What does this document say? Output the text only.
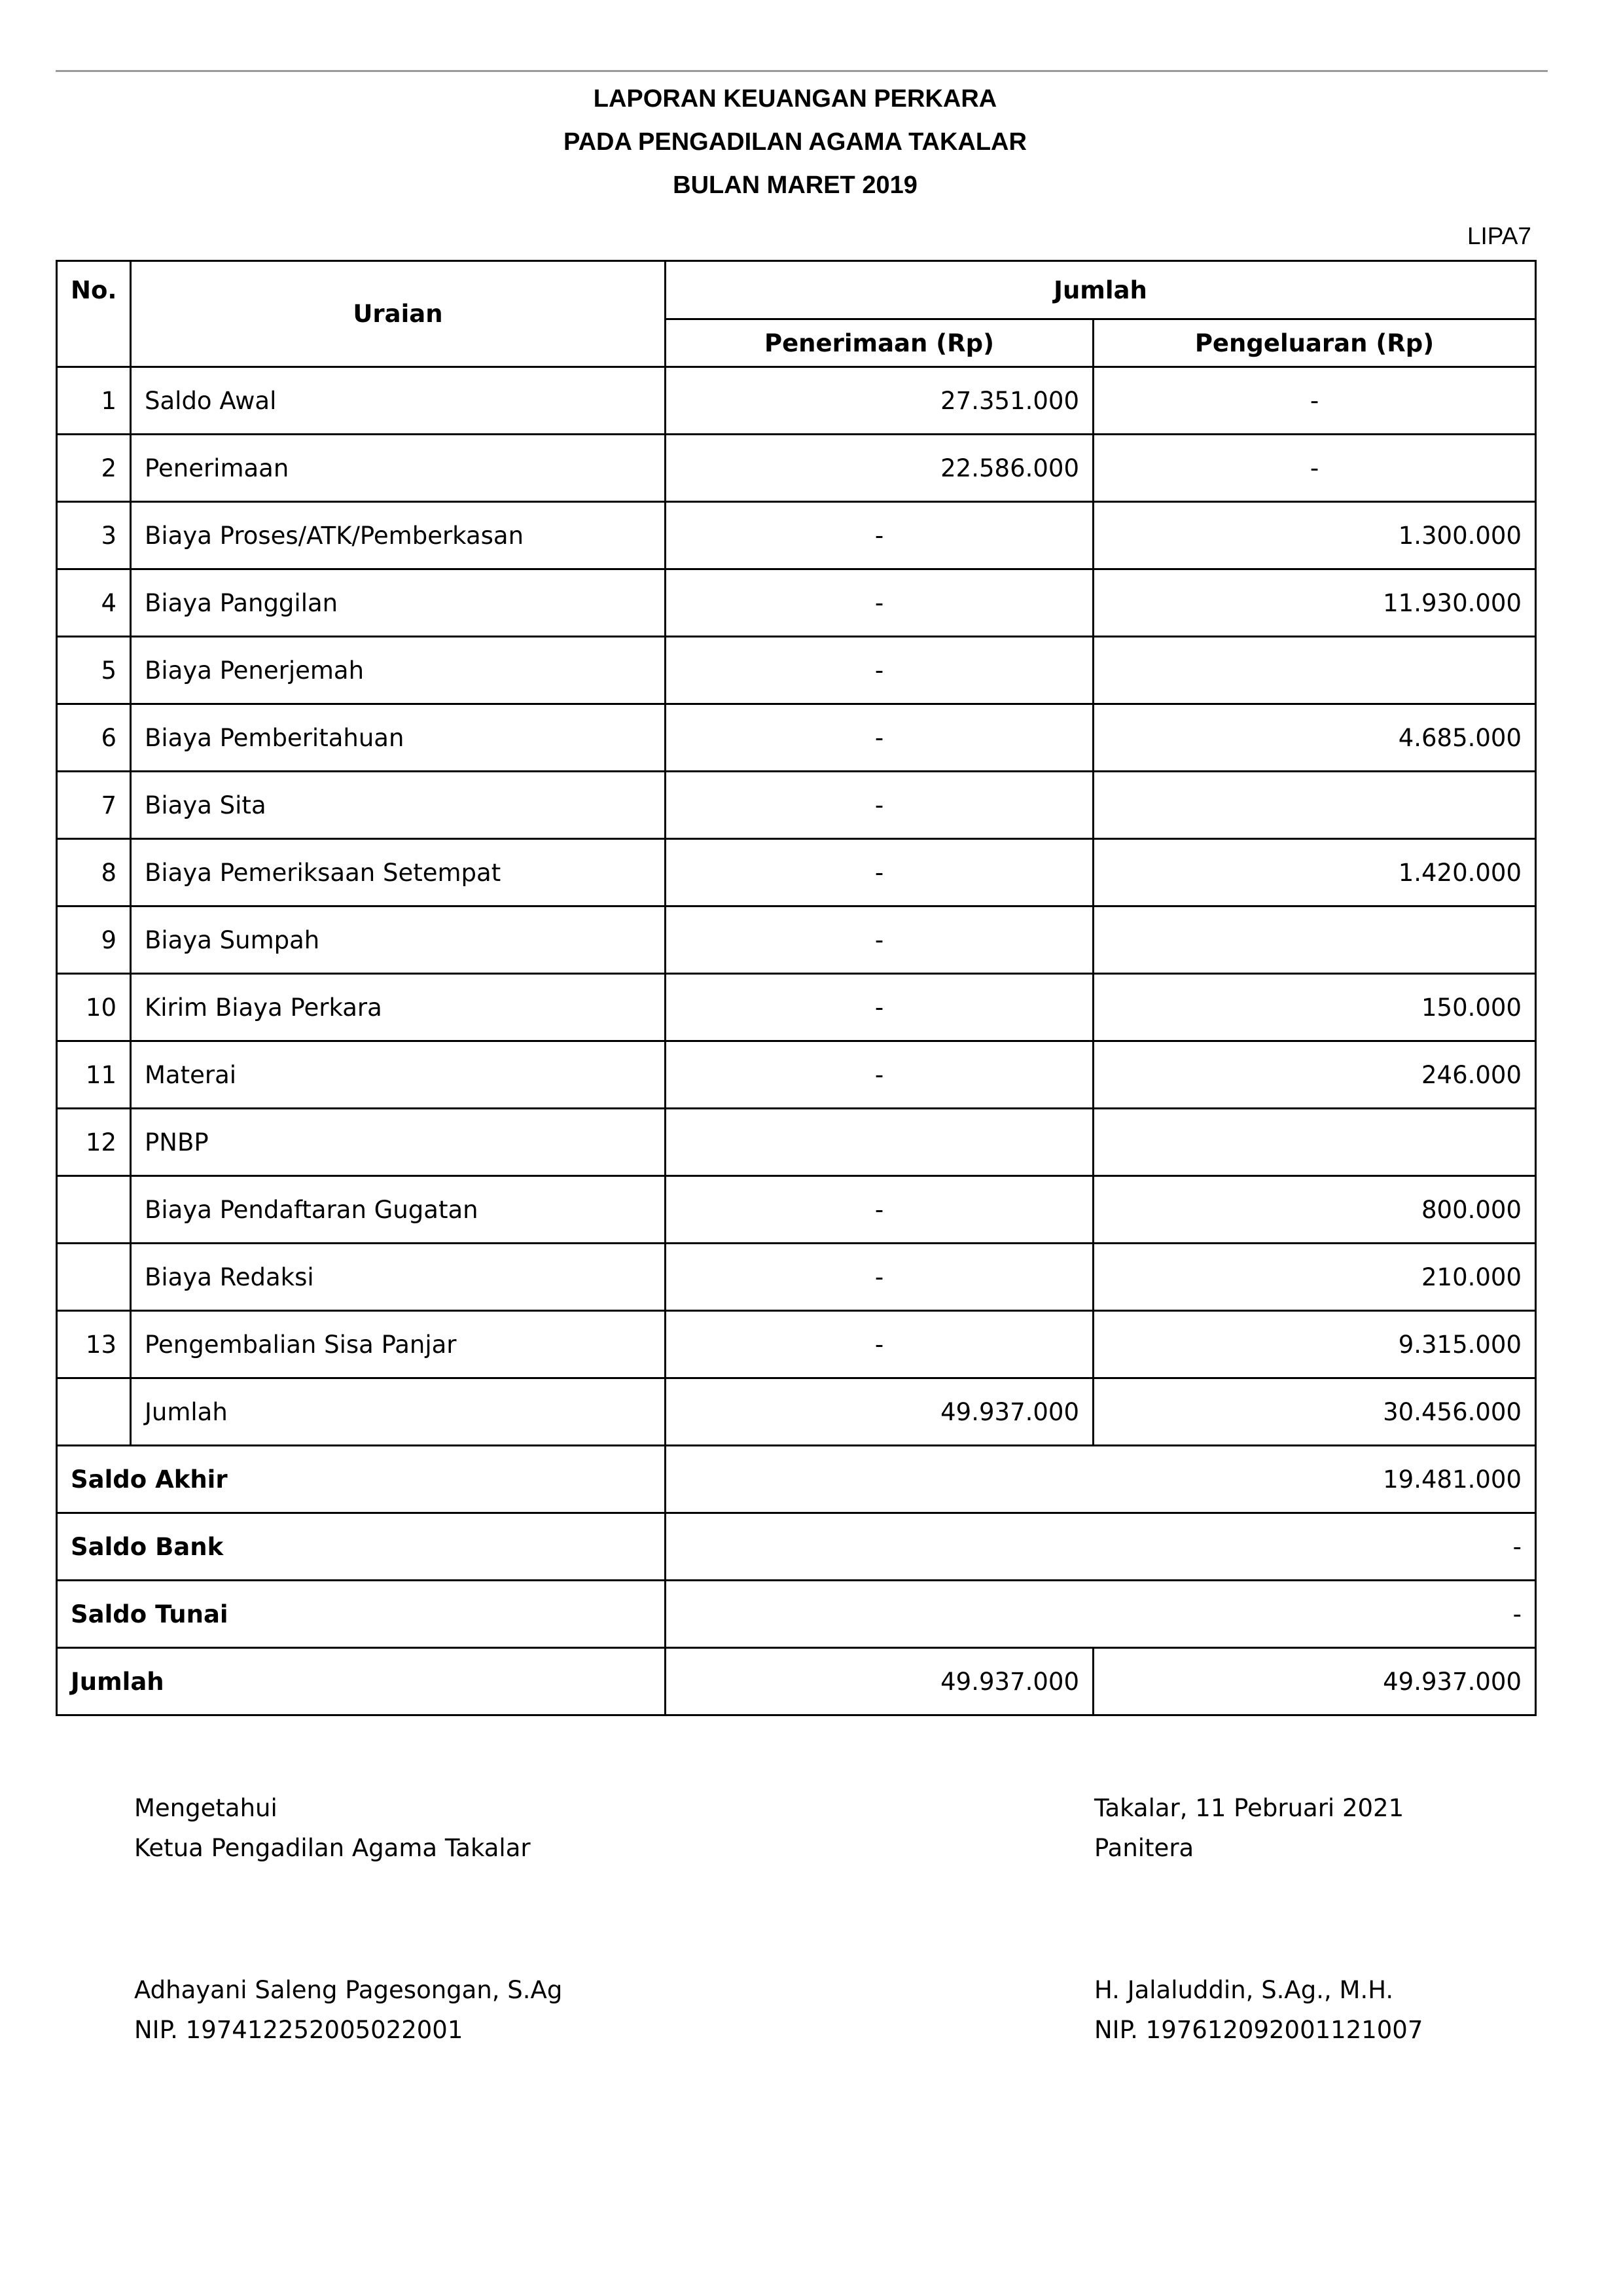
LAPORAN KEUANGAN PERKARA
PADA PENGADILAN AGAMA TAKALAR
BULAN MARET 2019
LIPA7
No.	Uraian	Jumlah	
		Penerimaan (Rp)	Pengeluaran (Rp)
1	Saldo Awal	27.351.000	-
2	Penerimaan	22.586.000	-
3	Biaya Proses/ATK/Pemberkasan	-	1.300.000
4	Biaya Panggilan	-	11.930.000
5	Biaya Penerjemah	-	
6	Biaya Pemberitahuan	-	4.685.000
7	Biaya Sita	-	
8	Biaya Pemeriksaan Setempat	-	1.420.000
9	Biaya Sumpah	-	
10	Kirim Biaya Perkara	-	150.000
11	Materai	-	246.000
12	PNBP		
	Biaya Pendaftaran Gugatan	-	800.000
	Biaya Redaksi	-	210.000
13	Pengembalian Sisa Panjar	-	9.315.000
	Jumlah	49.937.000	30.456.000
Saldo Akhir		19.481.000	
Saldo Bank		-	
Saldo Tunai		-	
Jumlah		49.937.000	49.937.000
Mengetahui
Ketua Pengadilan Agama Takalar
Adhayani Saleng Pagesongan, S.Ag
NIP. 197412252005022001
Takalar, 11 Pebruari 2021
Panitera
H. Jalaluddin, S.Ag., M.H.
NIP. 197612092001121007
